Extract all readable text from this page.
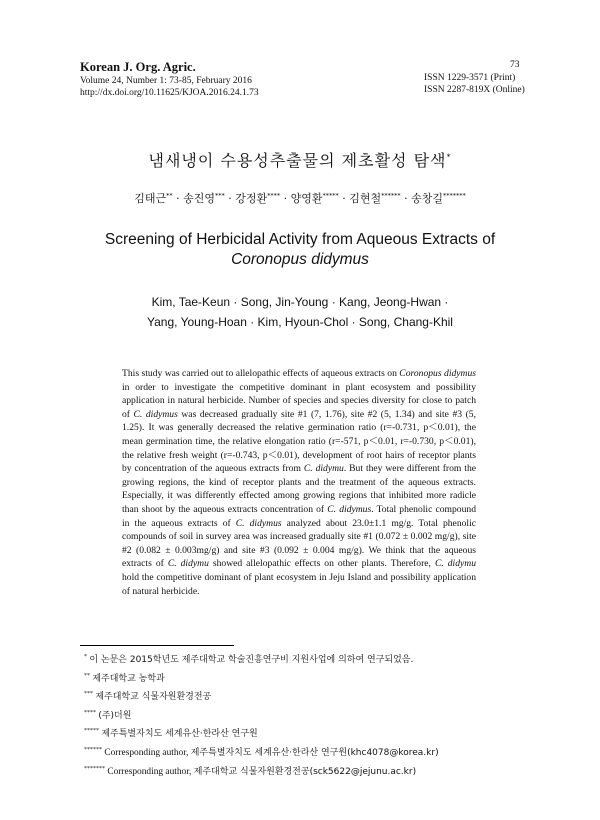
Korean J. Org. Agric.
Volume 24, Number 1: 73-85, February 2016
http://dx.doi.org/10.11625/KJOA.2016.24.1.73
73
ISSN 1229-3571 (Print)
ISSN 2287-819X (Online)
냄새냉이 수용성추출물의 제초활성 탐색*
김태근** · 송진영*** · 강정환**** · 양영환***** · 김현철****** · 송창길*******
Screening of Herbicidal Activity from Aqueous Extracts of
Coronopus didymus
Kim, Tae-Keun · Song, Jin-Young · Kang, Jeong-Hwan ·
Yang, Young-Hoan · Kim, Hyoun-Chol · Song, Chang-Khil
This study was carried out to allelopathic effects of aqueous extracts on Coronopus didymus in order to investigate the competitive dominant in plant ecosystem and possibility application in natural herbicide. Number of species and species diversity for close to patch of C. didymus was decreased gradually site #1 (7, 1.76), site #2 (5, 1.34) and site #3 (5, 1.25). It was generally decreased the relative germination ratio (r=-0.731, p＜0.01), the mean germination time, the relative elongation ratio (r=-571, p＜0.01, r=-0.730, p＜0.01), the relative fresh weight (r=-0.743, p＜0.01), development of root hairs of receptor plants by concentration of the aqueous extracts from C. didymu. But they were different from the growing regions, the kind of receptor plants and the treatment of the aqueous extracts. Especially, it was differently effected among growing regions that inhibited more radicle than shoot by the aqueous extracts concentration of C. didymus. Total phenolic compound in the aqueous extracts of C. didymus analyzed about 23.0±1.1 mg/g. Total phenolic compounds of soil in survey area was increased gradually site #1 (0.072 ± 0.002 mg/g), site #2 (0.082 ± 0.003mg/g) and site #3 (0.092 ± 0.004 mg/g). We think that the aqueous extracts of C. didymu showed allelopathic effects on other plants. Therefore, C. didymu hold the competitive dominant of plant ecosystem in Jeju Island and possibility application of natural herbicide.
* 이 논문은 2015학년도 제주대학교 학술진흥연구비 지원사업에 의하여 연구되었음.
** 제주대학교 농학과
*** 제주대학교 식물자원환경전공
**** (주)더원
***** 제주특별자치도 세계유산·한라산 연구원
****** Corresponding author, 제주특별자치도 세계유산·한라산 연구원(khc4078@korea.kr)
******* Corresponding author, 제주대학교 식물자원환경전공(sck5622@jejunu.ac.kr)
